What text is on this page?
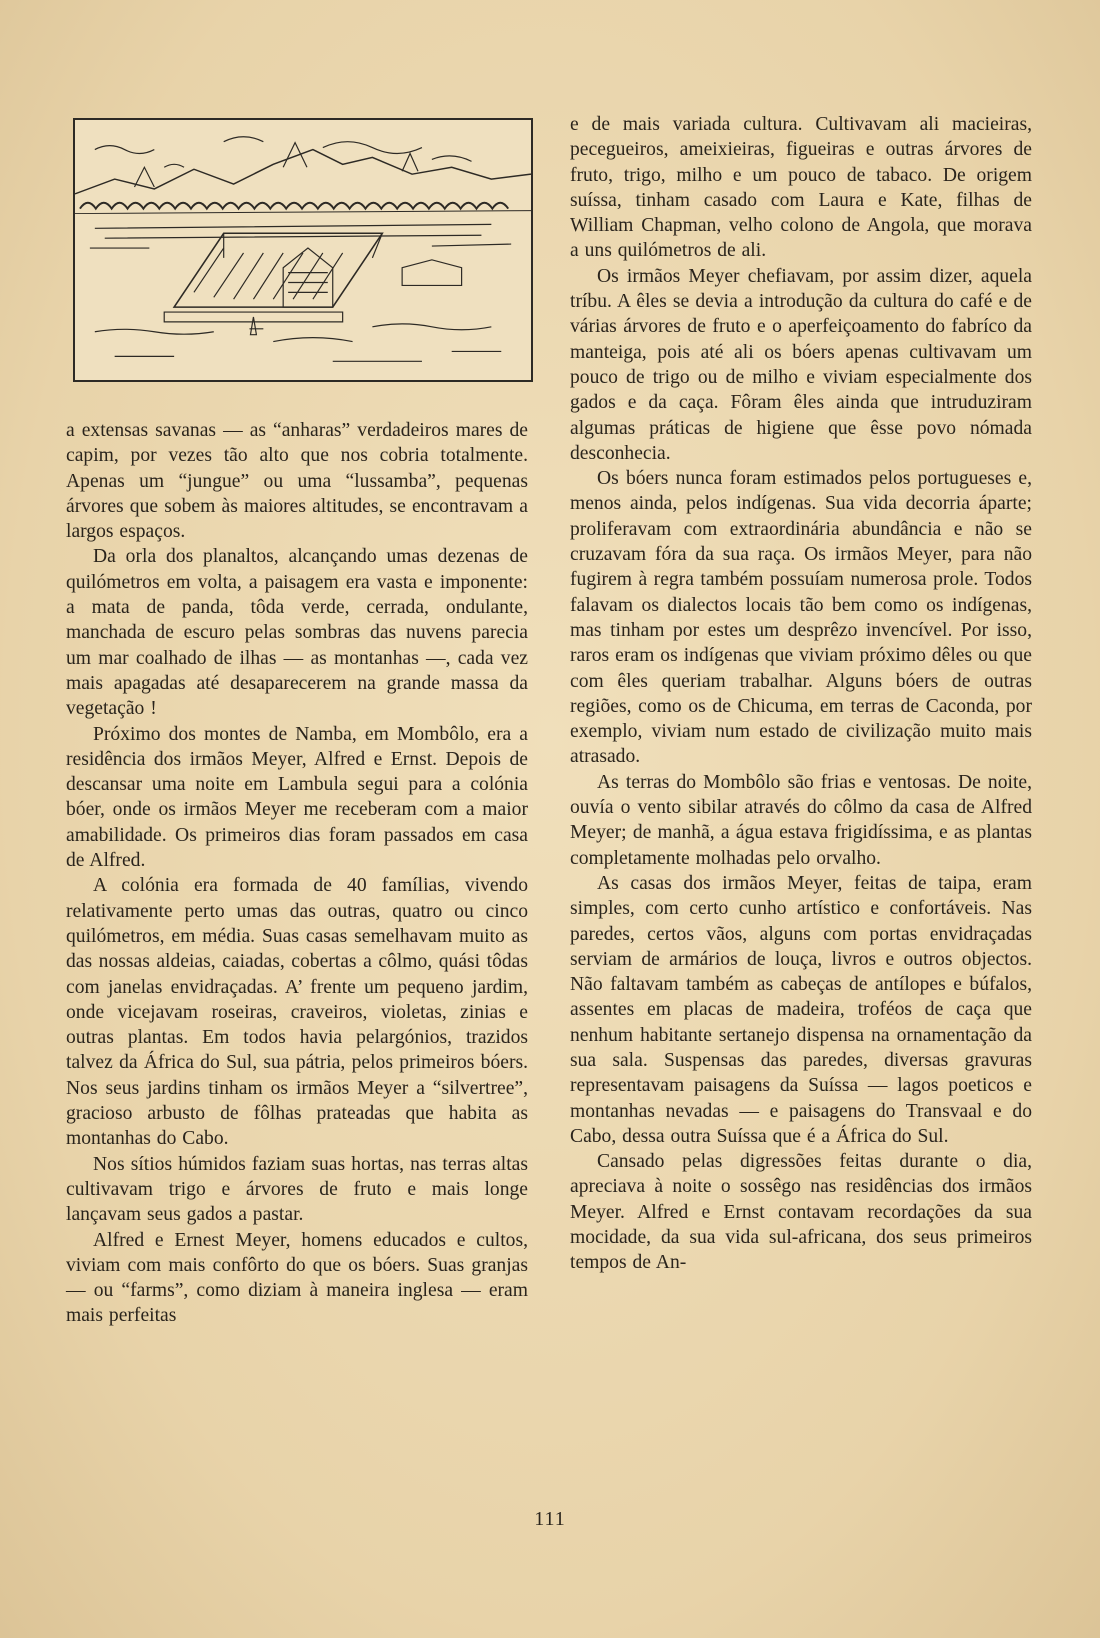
a extensas savanas — as “anharas” verdadeiros mares de capim, por vezes tão alto que nos cobria totalmente. Apenas um “jungue” ou uma “lussamba”, pequenas árvores que sobem às maiores altitudes, se encontravam a largos espaços.

Da orla dos planaltos, alcançando umas dezenas de quilómetros em volta, a paisagem era vasta e imponente: a mata de panda, tôda verde, cerrada, ondulante, manchada de escuro pelas sombras das nuvens parecia um mar coalhado de ilhas — as montanhas —, cada vez mais apagadas até desaparecerem na grande massa da vegetação !

Próximo dos montes de Namba, em Mombôlo, era a residência dos irmãos Meyer, Alfred e Ernst. Depois de descansar uma noite em Lambula segui para a colónia bóer, onde os irmãos Meyer me receberam com a maior amabilidade. Os primeiros dias foram passados em casa de Alfred.

A colónia era formada de 40 famílias, vivendo relativamente perto umas das outras, quatro ou cinco quilómetros, em média. Suas casas semelhavam muito as das nossas aldeias, caiadas, cobertas a côlmo, quási tôdas com janelas envidraçadas. A’ frente um pequeno jardim, onde vicejavam roseiras, craveiros, violetas, zinias e outras plantas. Em todos havia pelargónios, trazidos talvez da África do Sul, sua pátria, pelos primeiros bóers. Nos seus jardins tinham os irmãos Meyer a “silvertree”, gracioso arbusto de fôlhas prateadas que habita as montanhas do Cabo.

Nos sítios húmidos faziam suas hortas, nas terras altas cultivavam trigo e árvores de fruto e mais longe lançavam seus gados a pastar.

Alfred e Ernest Meyer, homens educados e cultos, viviam com mais confôrto do que os bóers. Suas granjas — ou “farms”, como diziam à maneira inglesa — eram mais perfeitas

e de mais variada cultura. Cultivavam ali macieiras, pecegueiros, ameixieiras, figueiras e outras árvores de fruto, trigo, milho e um pouco de tabaco. De origem suíssa, tinham casado com Laura e Kate, filhas de William Chapman, velho colono de Angola, que morava a uns quilómetros de ali.

Os irmãos Meyer chefiavam, por assim dizer, aquela tríbu. A êles se devia a introdução da cultura do café e de várias árvores de fruto e o aperfeiçoamento do fabríco da manteiga, pois até ali os bóers apenas cultivavam um pouco de trigo ou de milho e viviam especialmente dos gados e da caça. Fôram êles ainda que intruduziram algumas práticas de higiene que êsse povo nómada desconhecia.

Os bóers nunca foram estimados pelos portugueses e, menos ainda, pelos indígenas. Sua vida decorria áparte; proliferavam com extraordinária abundância e não se cruzavam fóra da sua raça. Os irmãos Meyer, para não fugirem à regra também possuíam numerosa prole. Todos falavam os dialectos locais tão bem como os indígenas, mas tinham por estes um desprêzo invencível. Por isso, raros eram os indígenas que viviam próximo dêles ou que com êles queriam trabalhar. Alguns bóers de outras regiões, como os de Chicuma, em terras de Caconda, por exemplo, viviam num estado de civilização muito mais atrasado.

As terras do Mombôlo são frias e ventosas. De noite, ouvía o vento sibilar através do côlmo da casa de Alfred Meyer; de manhã, a água estava frigidíssima, e as plantas completamente molhadas pelo orvalho.

As casas dos irmãos Meyer, feitas de taipa, eram simples, com certo cunho artístico e confortáveis. Nas paredes, certos vãos, alguns com portas envidraçadas serviam de armários de louça, livros e outros objectos. Não faltavam também as cabeças de antílopes e búfalos, assentes em placas de madeira, troféos de caça que nenhum habitante sertanejo dispensa na ornamentação da sua sala. Suspensas das paredes, diversas gravuras representavam paisagens da Suíssa — lagos poeticos e montanhas nevadas — e paisagens do Transvaal e do Cabo, dessa outra Suíssa que é a África do Sul.

Cansado pelas digressões feitas durante o dia, apreciava à noite o sossêgo nas residências dos irmãos Meyer. Alfred e Ernst contavam recordações da sua mocidade, da sua vida sul-africana, dos seus primeiros tempos de An-

111
